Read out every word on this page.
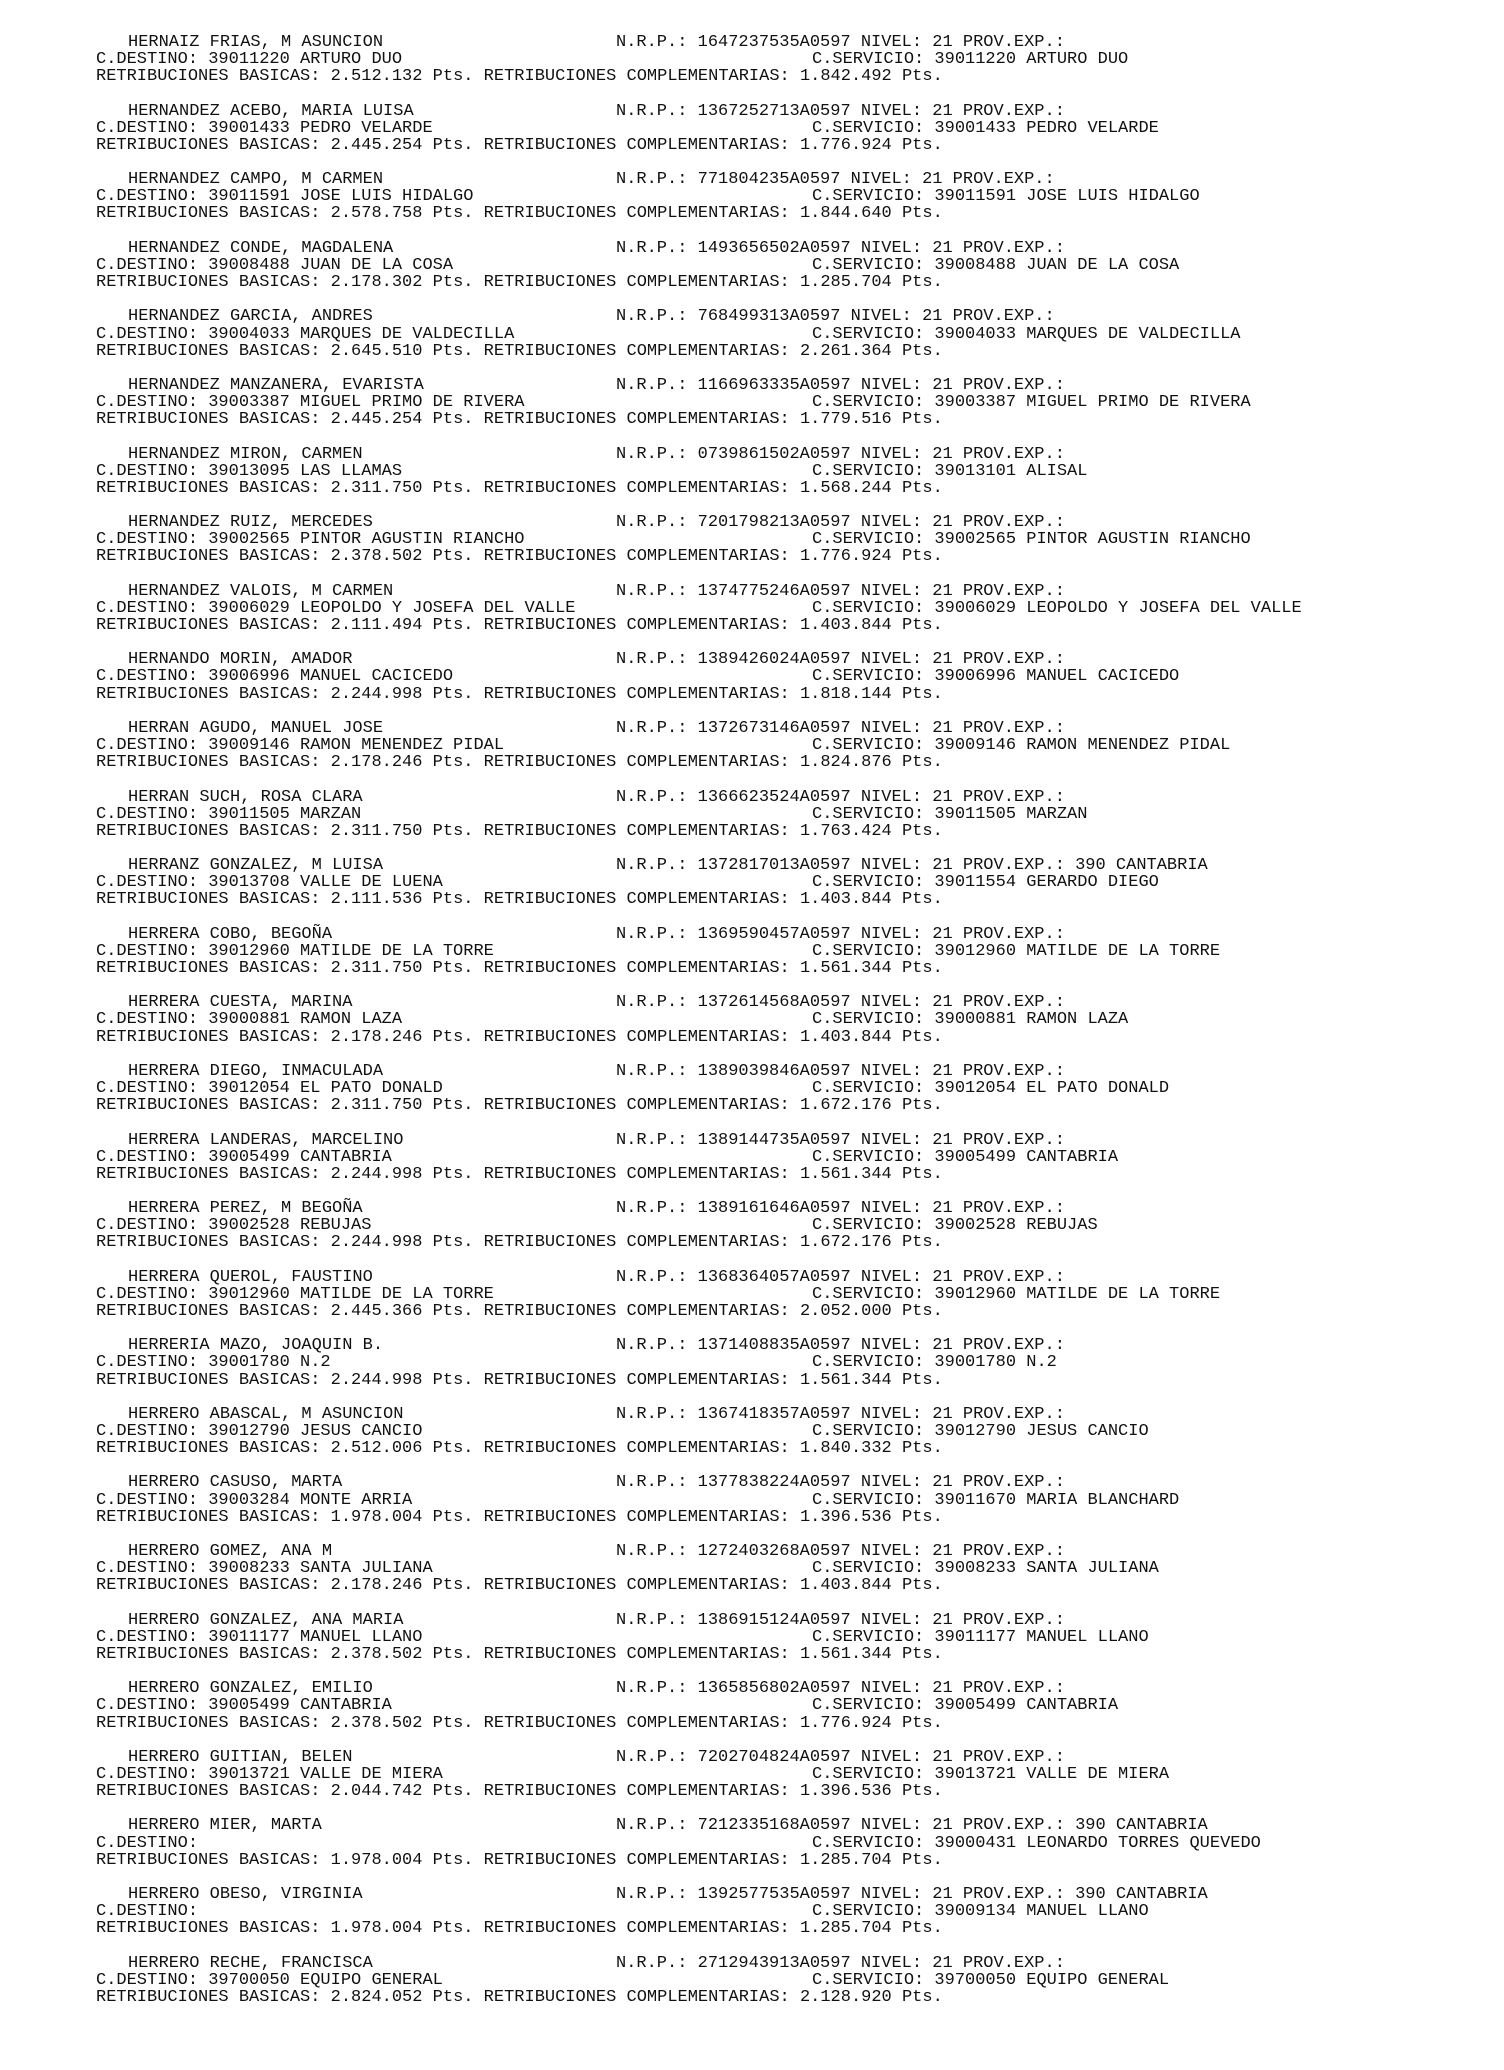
HERNAIZ FRIAS, M ASUNCION	N.R.P.: 1647237535A0597 NIVEL: 21 PROV.EXP.:
C.DESTINO: 39011220 ARTURO DUO	C.SERVICIO: 39011220 ARTURO DUO
RETRIBUCIONES BASICAS: 2.512.132 Pts. RETRIBUCIONES COMPLEMENTARIAS: 1.842.492 Pts.
HERNANDEZ ACEBO, MARIA LUISA	N.R.P.: 1367252713A0597 NIVEL: 21 PROV.EXP.:
C.DESTINO: 39001433 PEDRO VELARDE	C.SERVICIO: 39001433 PEDRO VELARDE
RETRIBUCIONES BASICAS: 2.445.254 Pts. RETRIBUCIONES COMPLEMENTARIAS: 1.776.924 Pts.
HERNANDEZ CAMPO, M CARMEN	N.R.P.: 771804235A0597 NIVEL: 21 PROV.EXP.:
C.DESTINO: 39011591 JOSE LUIS HIDALGO	C.SERVICIO: 39011591 JOSE LUIS HIDALGO
RETRIBUCIONES BASICAS: 2.578.758 Pts. RETRIBUCIONES COMPLEMENTARIAS: 1.844.640 Pts.
HERNANDEZ CONDE, MAGDALENA	N.R.P.: 1493656502A0597 NIVEL: 21 PROV.EXP.:
C.DESTINO: 39008488 JUAN DE LA COSA	C.SERVICIO: 39008488 JUAN DE LA COSA
RETRIBUCIONES BASICAS: 2.178.302 Pts. RETRIBUCIONES COMPLEMENTARIAS: 1.285.704 Pts.
HERNANDEZ GARCIA, ANDRES	N.R.P.: 768499313A0597 NIVEL: 21 PROV.EXP.:
C.DESTINO: 39004033 MARQUES DE VALDECILLA	C.SERVICIO: 39004033 MARQUES DE VALDECILLA
RETRIBUCIONES BASICAS: 2.645.510 Pts. RETRIBUCIONES COMPLEMENTARIAS: 2.261.364 Pts.
HERNANDEZ MANZANERA, EVARISTA	N.R.P.: 1166963335A0597 NIVEL: 21 PROV.EXP.:
C.DESTINO: 39003387 MIGUEL PRIMO DE RIVERA	C.SERVICIO: 39003387 MIGUEL PRIMO DE RIVERA
RETRIBUCIONES BASICAS: 2.445.254 Pts. RETRIBUCIONES COMPLEMENTARIAS: 1.779.516 Pts.
HERNANDEZ MIRON, CARMEN	N.R.P.: 0739861502A0597 NIVEL: 21 PROV.EXP.:
C.DESTINO: 39013095 LAS LLAMAS	C.SERVICIO: 39013101 ALISAL
RETRIBUCIONES BASICAS: 2.311.750 Pts. RETRIBUCIONES COMPLEMENTARIAS: 1.568.244 Pts.
HERNANDEZ RUIZ, MERCEDES	N.R.P.: 7201798213A0597 NIVEL: 21 PROV.EXP.:
C.DESTINO: 39002565 PINTOR AGUSTIN RIANCHO	C.SERVICIO: 39002565 PINTOR AGUSTIN RIANCHO
RETRIBUCIONES BASICAS: 2.378.502 Pts. RETRIBUCIONES COMPLEMENTARIAS: 1.776.924 Pts.
HERNANDEZ VALOIS, M CARMEN	N.R.P.: 1374775246A0597 NIVEL: 21 PROV.EXP.:
C.DESTINO: 39006029 LEOPOLDO Y JOSEFA DEL VALLE	C.SERVICIO: 39006029 LEOPOLDO Y JOSEFA DEL VALLE
RETRIBUCIONES BASICAS: 2.111.494 Pts. RETRIBUCIONES COMPLEMENTARIAS: 1.403.844 Pts.
HERNANDO MORIN, AMADOR	N.R.P.: 1389426024A0597 NIVEL: 21 PROV.EXP.:
C.DESTINO: 39006996 MANUEL CACICEDO	C.SERVICIO: 39006996 MANUEL CACICEDO
RETRIBUCIONES BASICAS: 2.244.998 Pts. RETRIBUCIONES COMPLEMENTARIAS: 1.818.144 Pts.
HERRAN AGUDO, MANUEL JOSE	N.R.P.: 1372673146A0597 NIVEL: 21 PROV.EXP.:
C.DESTINO: 39009146 RAMON MENENDEZ PIDAL	C.SERVICIO: 39009146 RAMON MENENDEZ PIDAL
RETRIBUCIONES BASICAS: 2.178.246 Pts. RETRIBUCIONES COMPLEMENTARIAS: 1.824.876 Pts.
HERRAN SUCH, ROSA CLARA	N.R.P.: 1366623524A0597 NIVEL: 21 PROV.EXP.:
C.DESTINO: 39011505 MARZAN	C.SERVICIO: 39011505 MARZAN
RETRIBUCIONES BASICAS: 2.311.750 Pts. RETRIBUCIONES COMPLEMENTARIAS: 1.763.424 Pts.
HERRANZ GONZALEZ, M LUISA	N.R.P.: 1372817013A0597 NIVEL: 21 PROV.EXP.: 390 CANTABRIA
C.DESTINO: 39013708 VALLE DE LUENA	C.SERVICIO: 39011554 GERARDO DIEGO
RETRIBUCIONES BASICAS: 2.111.536 Pts. RETRIBUCIONES COMPLEMENTARIAS: 1.403.844 Pts.
HERRERA COBO, BEGOÑA	N.R.P.: 1369590457A0597 NIVEL: 21 PROV.EXP.:
C.DESTINO: 39012960 MATILDE DE LA TORRE	C.SERVICIO: 39012960 MATILDE DE LA TORRE
RETRIBUCIONES BASICAS: 2.311.750 Pts. RETRIBUCIONES COMPLEMENTARIAS: 1.561.344 Pts.
HERRERA CUESTA, MARINA	N.R.P.: 1372614568A0597 NIVEL: 21 PROV.EXP.:
C.DESTINO: 39000881 RAMON LAZA	C.SERVICIO: 39000881 RAMON LAZA
RETRIBUCIONES BASICAS: 2.178.246 Pts. RETRIBUCIONES COMPLEMENTARIAS: 1.403.844 Pts.
HERRERA DIEGO, INMACULADA	N.R.P.: 1389039846A0597 NIVEL: 21 PROV.EXP.:
C.DESTINO: 39012054 EL PATO DONALD	C.SERVICIO: 39012054 EL PATO DONALD
RETRIBUCIONES BASICAS: 2.311.750 Pts. RETRIBUCIONES COMPLEMENTARIAS: 1.672.176 Pts.
HERRERA LANDERAS, MARCELINO	N.R.P.: 1389144735A0597 NIVEL: 21 PROV.EXP.:
C.DESTINO: 39005499 CANTABRIA	C.SERVICIO: 39005499 CANTABRIA
RETRIBUCIONES BASICAS: 2.244.998 Pts. RETRIBUCIONES COMPLEMENTARIAS: 1.561.344 Pts.
HERRERA PEREZ, M BEGOÑA	N.R.P.: 1389161646A0597 NIVEL: 21 PROV.EXP.:
C.DESTINO: 39002528 REBUJAS	C.SERVICIO: 39002528 REBUJAS
RETRIBUCIONES BASICAS: 2.244.998 Pts. RETRIBUCIONES COMPLEMENTARIAS: 1.672.176 Pts.
HERRERA QUEROL, FAUSTINO	N.R.P.: 1368364057A0597 NIVEL: 21 PROV.EXP.:
C.DESTINO: 39012960 MATILDE DE LA TORRE	C.SERVICIO: 39012960 MATILDE DE LA TORRE
RETRIBUCIONES BASICAS: 2.445.366 Pts. RETRIBUCIONES COMPLEMENTARIAS: 2.052.000 Pts.
HERRERIA MAZO, JOAQUIN B.	N.R.P.: 1371408835A0597 NIVEL: 21 PROV.EXP.:
C.DESTINO: 39001780 N.2	C.SERVICIO: 39001780 N.2
RETRIBUCIONES BASICAS: 2.244.998 Pts. RETRIBUCIONES COMPLEMENTARIAS: 1.561.344 Pts.
HERRERO ABASCAL, M ASUNCION	N.R.P.: 1367418357A0597 NIVEL: 21 PROV.EXP.:
C.DESTINO: 39012790 JESUS CANCIO	C.SERVICIO: 39012790 JESUS CANCIO
RETRIBUCIONES BASICAS: 2.512.006 Pts. RETRIBUCIONES COMPLEMENTARIAS: 1.840.332 Pts.
HERRERO CASUSO, MARTA	N.R.P.: 1377838224A0597 NIVEL: 21 PROV.EXP.:
C.DESTINO: 39003284 MONTE ARRIA	C.SERVICIO: 39011670 MARIA BLANCHARD
RETRIBUCIONES BASICAS: 1.978.004 Pts. RETRIBUCIONES COMPLEMENTARIAS: 1.396.536 Pts.
HERRERO GOMEZ, ANA M	N.R.P.: 1272403268A0597 NIVEL: 21 PROV.EXP.:
C.DESTINO: 39008233 SANTA JULIANA	C.SERVICIO: 39008233 SANTA JULIANA
RETRIBUCIONES BASICAS: 2.178.246 Pts. RETRIBUCIONES COMPLEMENTARIAS: 1.403.844 Pts.
HERRERO GONZALEZ, ANA MARIA	N.R.P.: 1386915124A0597 NIVEL: 21 PROV.EXP.:
C.DESTINO: 39011177 MANUEL LLANO	C.SERVICIO: 39011177 MANUEL LLANO
RETRIBUCIONES BASICAS: 2.378.502 Pts. RETRIBUCIONES COMPLEMENTARIAS: 1.561.344 Pts.
HERRERO GONZALEZ, EMILIO	N.R.P.: 1365856802A0597 NIVEL: 21 PROV.EXP.:
C.DESTINO: 39005499 CANTABRIA	C.SERVICIO: 39005499 CANTABRIA
RETRIBUCIONES BASICAS: 2.378.502 Pts. RETRIBUCIONES COMPLEMENTARIAS: 1.776.924 Pts.
HERRERO GUITIAN, BELEN	N.R.P.: 7202704824A0597 NIVEL: 21 PROV.EXP.:
C.DESTINO: 39013721 VALLE DE MIERA	C.SERVICIO: 39013721 VALLE DE MIERA
RETRIBUCIONES BASICAS: 2.044.742 Pts. RETRIBUCIONES COMPLEMENTARIAS: 1.396.536 Pts.
HERRERO MIER, MARTA	N.R.P.: 7212335168A0597 NIVEL: 21 PROV.EXP.: 390 CANTABRIA
C.DESTINO:	C.SERVICIO: 39000431 LEONARDO TORRES QUEVEDO
RETRIBUCIONES BASICAS: 1.978.004 Pts. RETRIBUCIONES COMPLEMENTARIAS: 1.285.704 Pts.
HERRERO OBESO, VIRGINIA	N.R.P.: 1392577535A0597 NIVEL: 21 PROV.EXP.: 390 CANTABRIA
C.DESTINO:	C.SERVICIO: 39009134 MANUEL LLANO
RETRIBUCIONES BASICAS: 1.978.004 Pts. RETRIBUCIONES COMPLEMENTARIAS: 1.285.704 Pts.
HERRERO RECHE, FRANCISCA	N.R.P.: 2712943913A0597 NIVEL: 21 PROV.EXP.:
C.DESTINO: 39700050 EQUIPO GENERAL	C.SERVICIO: 39700050 EQUIPO GENERAL
RETRIBUCIONES BASICAS: 2.824.052 Pts. RETRIBUCIONES COMPLEMENTARIAS: 2.128.920 Pts.
